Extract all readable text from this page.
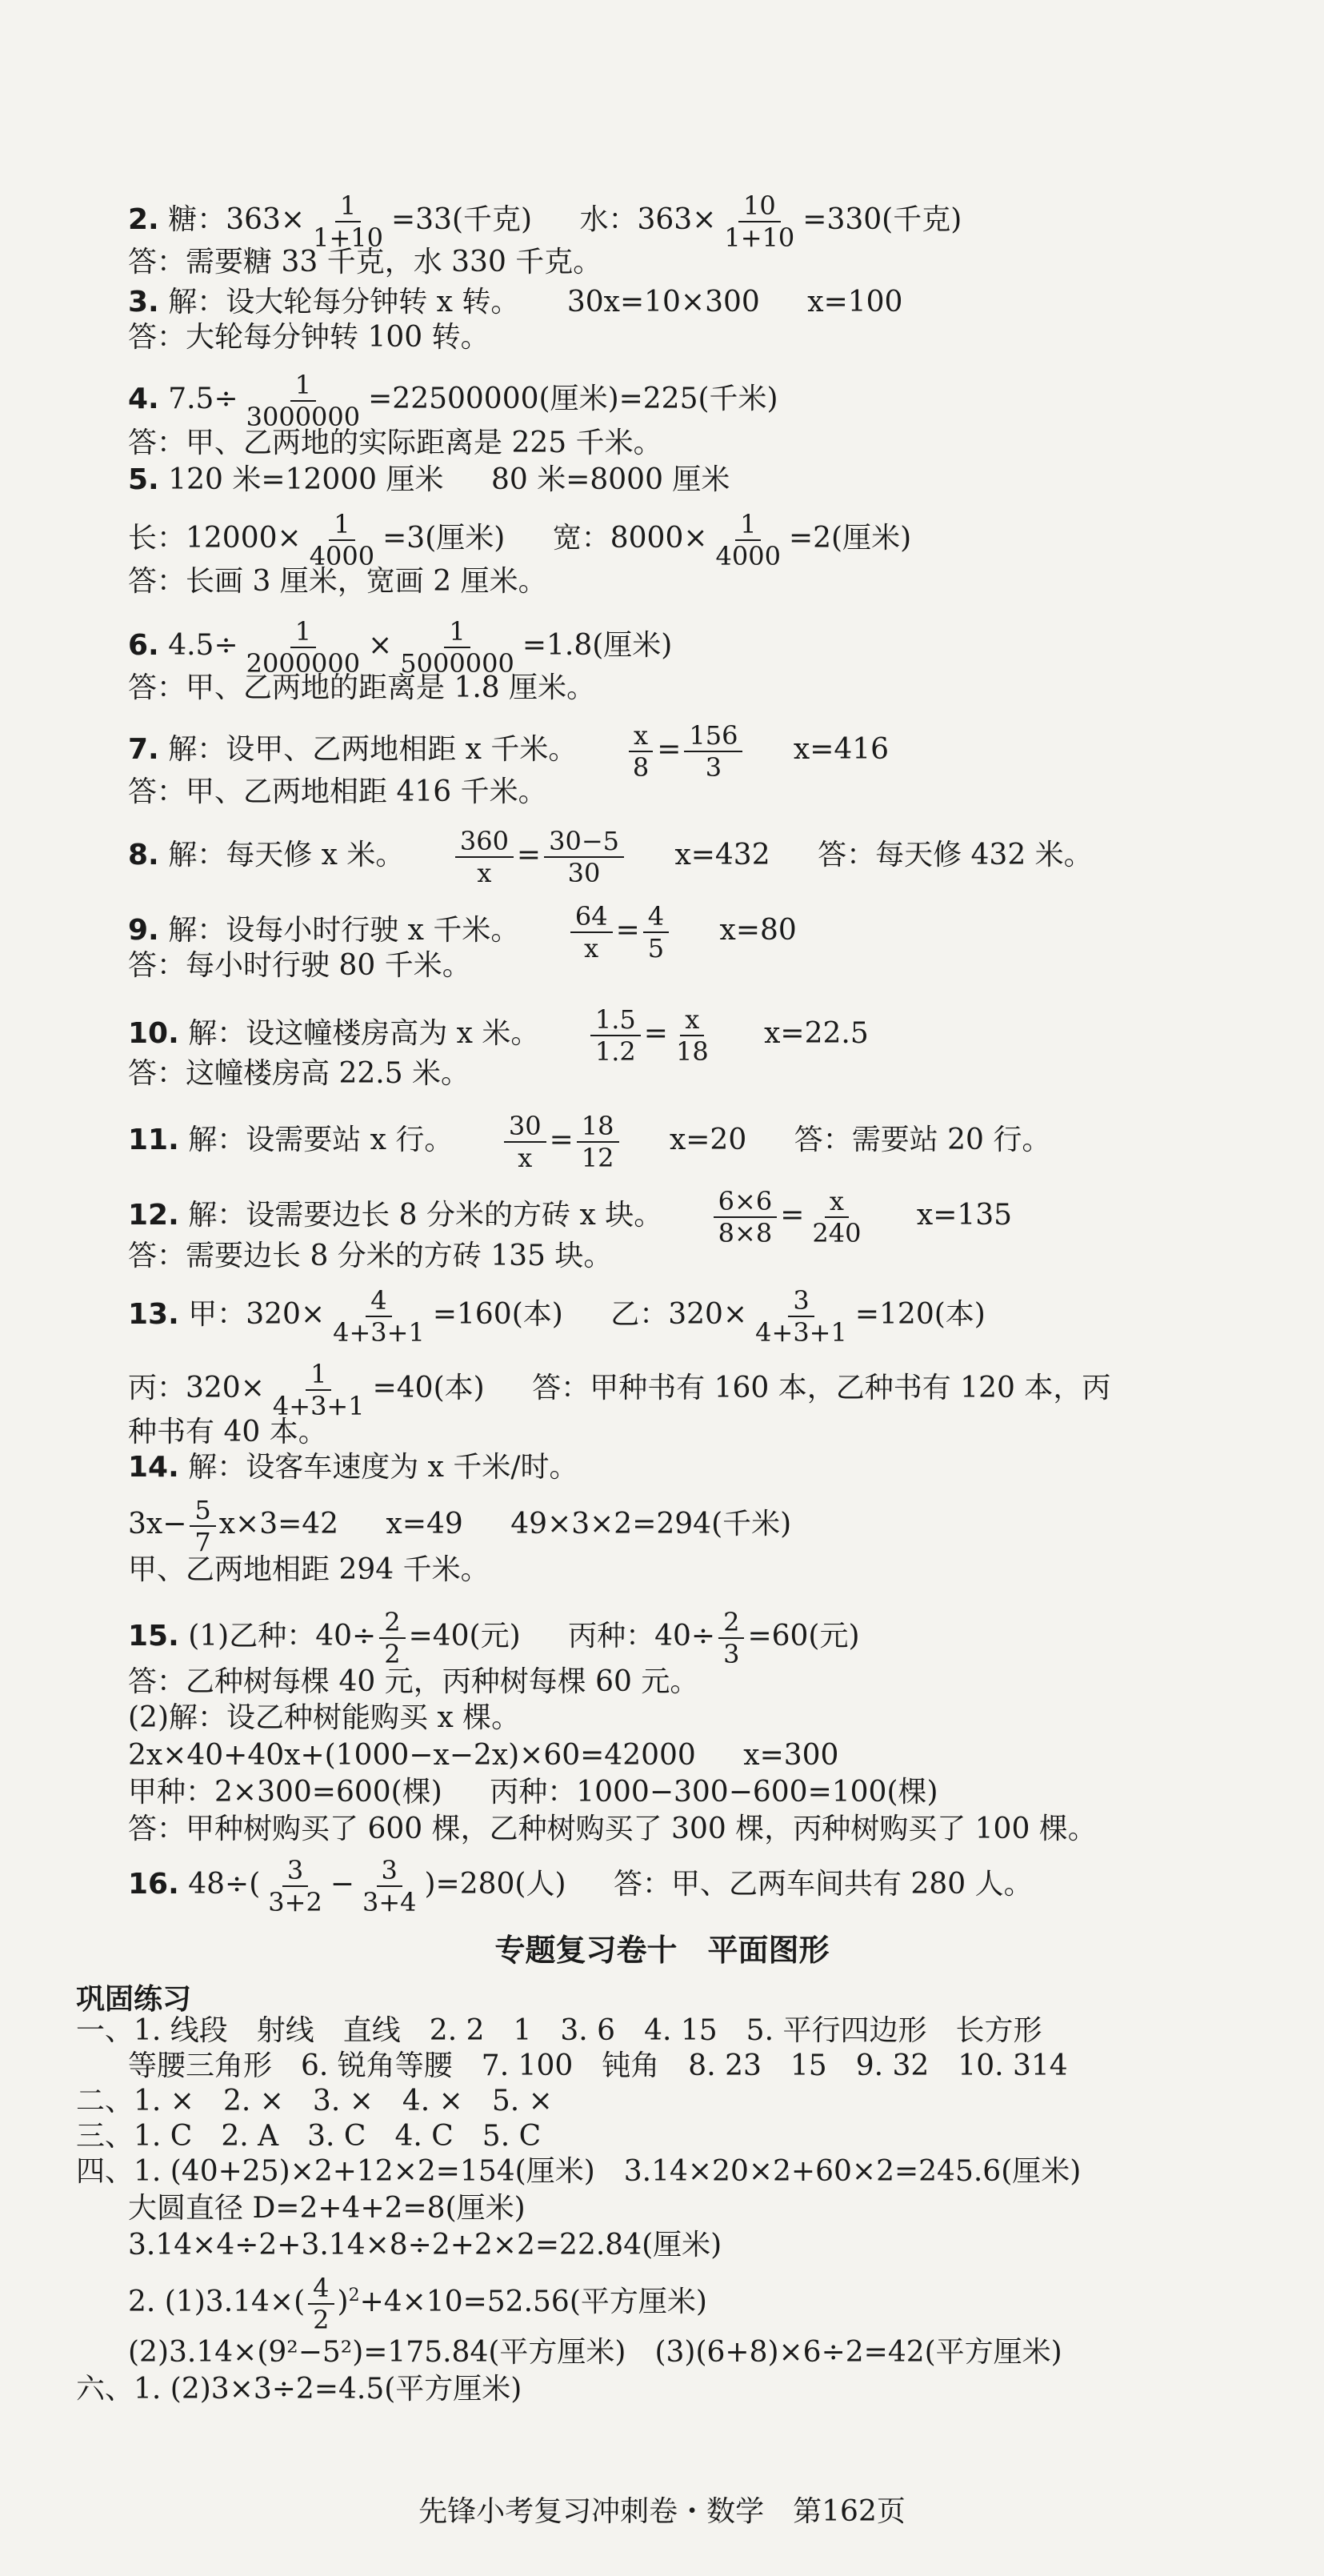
2. 糖：$363\times \frac{1}{1+10} =33$(千克) 水：$363\times \frac{10}{1+10} =330$(千克)
答：需要糖 33 千克，水 330 千克。
3. 解：设大轮每分钟转 x 转。 30x=10×300 x=100
答：大轮每分钟转 100 转。
4. $7.5\div \frac{1}{3000000} =22500000$(厘米)=225(千米)
答：甲、乙两地的实际距离是 225 千米。
5. 120 米=12000 厘米 80 米=8000 厘米
长：$12000\times \frac{1}{4000} =3$(厘米) 宽：$8000\times \frac{1}{4000} =2$(厘米)
答：长画 3 厘米，宽画 2 厘米。
6. $4.5\div \frac{1}{2000000} \times \frac{1}{5000000} =1.8$(厘米)
答：甲、乙两地的距离是 1.8 厘米。
7. 解：设甲、乙两地相距 x 千米。 $\frac{x}{8} = \frac{156}{3} x=416$
答：甲、乙两地相距 416 千米。
8. 解：每天修 x 米。 $\frac{360}{x} = \frac{30-5}{30} x=432$ 答：每天修 432 米。
9. 解：设每小时行驶 x 千米。 $\frac{64}{x} = \frac{4}{5} x=80$
答：每小时行驶 80 千米。
10. 解：设这幢楼房高为 x 米。 $\frac{1.5}{1.2} = \frac{x}{18} x=22.5$
答：这幢楼房高 22.5 米。
11. 解：设需要站 x 行。 $\frac{30}{x} = \frac{18}{12} x=20$ 答：需要站 20 行。
12. 解：设需要边长 8 分米的方砖 x 块。 $\frac{6\times 6}{8\times 8} = \frac{x}{240} x=135$
答：需要边长 8 分米的方砖 135 块。
13. 甲：$320\times \frac{4}{4+3+1} =160$(本) 乙：$320\times \frac{3}{4+3+1} =120$(本)
丙：$320\times \frac{1}{4+3+1} =40$(本) 答：甲种书有 160 本，乙种书有 120 本，丙
种书有 40 本。
14. 解：设客车速度为 x 千米/时。
$3x- \frac{5}{7} x\times 3=42$ x=49 49×3×2=294(千米)
甲、乙两地相距 294 千米。
15. (1)乙种：$40\div \frac{2}{2} =40$(元) 丙种：$40\div \frac{2}{3} =60$(元)
答：乙种树每棵 40 元，丙种树每棵 60 元。
(2)解：设乙种树能购买 x 棵。
2x×40+40x+(1000−x−2x)×60=42000 x=300
甲种：2×300=600(棵) 丙种：1000−300−600=100(棵)
答：甲种树购买了 600 棵，乙种树购买了 300 棵，丙种树购买了 100 棵。
16. $48\div( \frac{3}{3+2} - \frac{3}{3+4} )=280$(人) 答：甲、乙两车间共有 280 人。
专题复习卷十　平面图形
巩固练习
一、1. 线段　射线　直线　2. 2　1　3. 6　4. 15　5. 平行四边形　长方形
等腰三角形　6. 锐角等腰　7. 100　钝角　8. 23　15　9. 32　10. 314
二、1. ×　2. ×　3. ×　4. ×　5. ×
三、1. C　2. A　3. C　4. C　5. C
四、1. (40+25)×2+12×2=154(厘米)　3.14×20×2+60×2=245.6(厘米)
大圆直径 D=2+4+2=8(厘米)
3.14×4÷2+3.14×8÷2+2×2=22.84(厘米)
2. $(1)3.14\times( \frac{4}{2} )^2+4\times 10=52.56$(平方厘米)
(2)3.14×(9²−5²)=175.84(平方厘米)　(3)(6+8)×6÷2=42(平方厘米)
六、1. (2)3×3÷2=4.5(平方厘米)
先锋小考复习冲刺卷・数学　第162页
